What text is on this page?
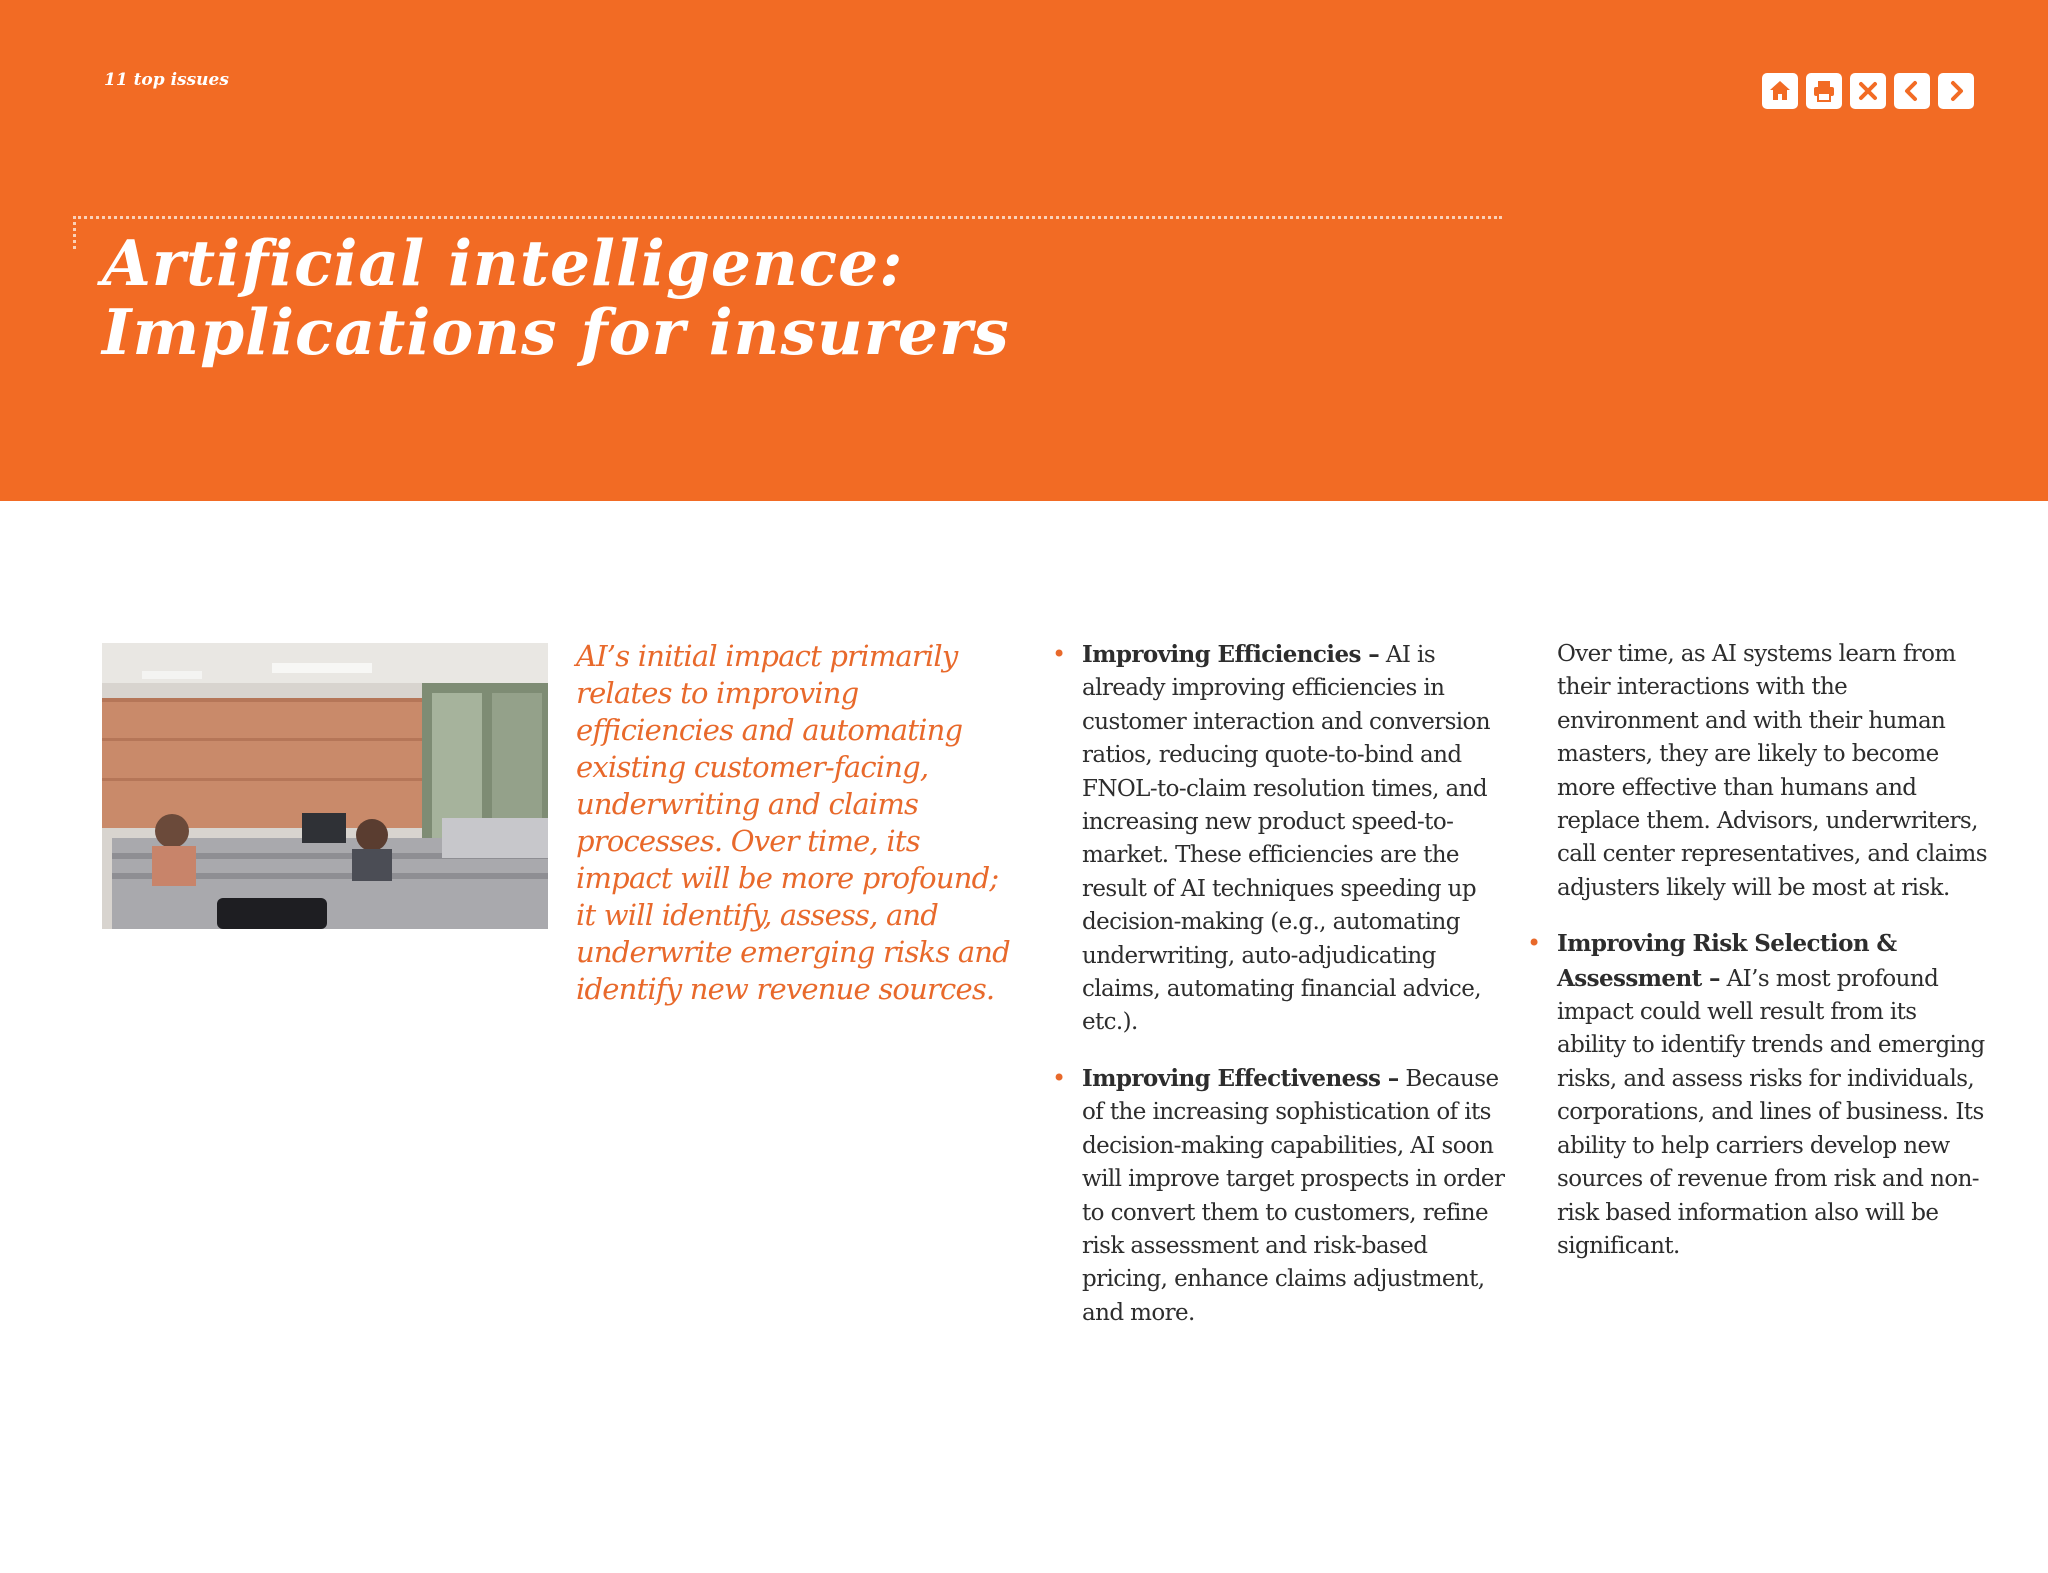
11 top issues
Artificial intelligence:
Implications for insurers
AI’s initial impact primarily relates to improving efficiencies and automating existing customer-facing, underwriting and claims processes. Over time, its impact will be more profound; it will identify, assess, and underwrite emerging risks and identify new revenue sources.
• Improving Efficiencies – AI is already improving efficiencies in customer interaction and conversion ratios, reducing quote-to-bind and FNOL-to-claim resolution times, and increasing new product speed-to-market. These efficiencies are the result of AI techniques speeding up decision-making (e.g., automating underwriting, auto-adjudicating claims, automating financial advice, etc.).
• Improving Effectiveness – Because of the increasing sophistication of its decision-making capabilities, AI soon will improve target prospects in order to convert them to customers, refine risk assessment and risk-based pricing, enhance claims adjustment, and more.

Over time, as AI systems learn from their interactions with the environment and with their human masters, they are likely to become more effective than humans and replace them. Advisors, underwriters, call center representatives, and claims adjusters likely will be most at risk.

• Improving Risk Selection & Assessment – AI’s most profound impact could well result from its ability to identify trends and emerging risks, and assess risks for individuals, corporations, and lines of business. Its ability to help carriers develop new sources of revenue from risk and non-risk based information also will be significant.
